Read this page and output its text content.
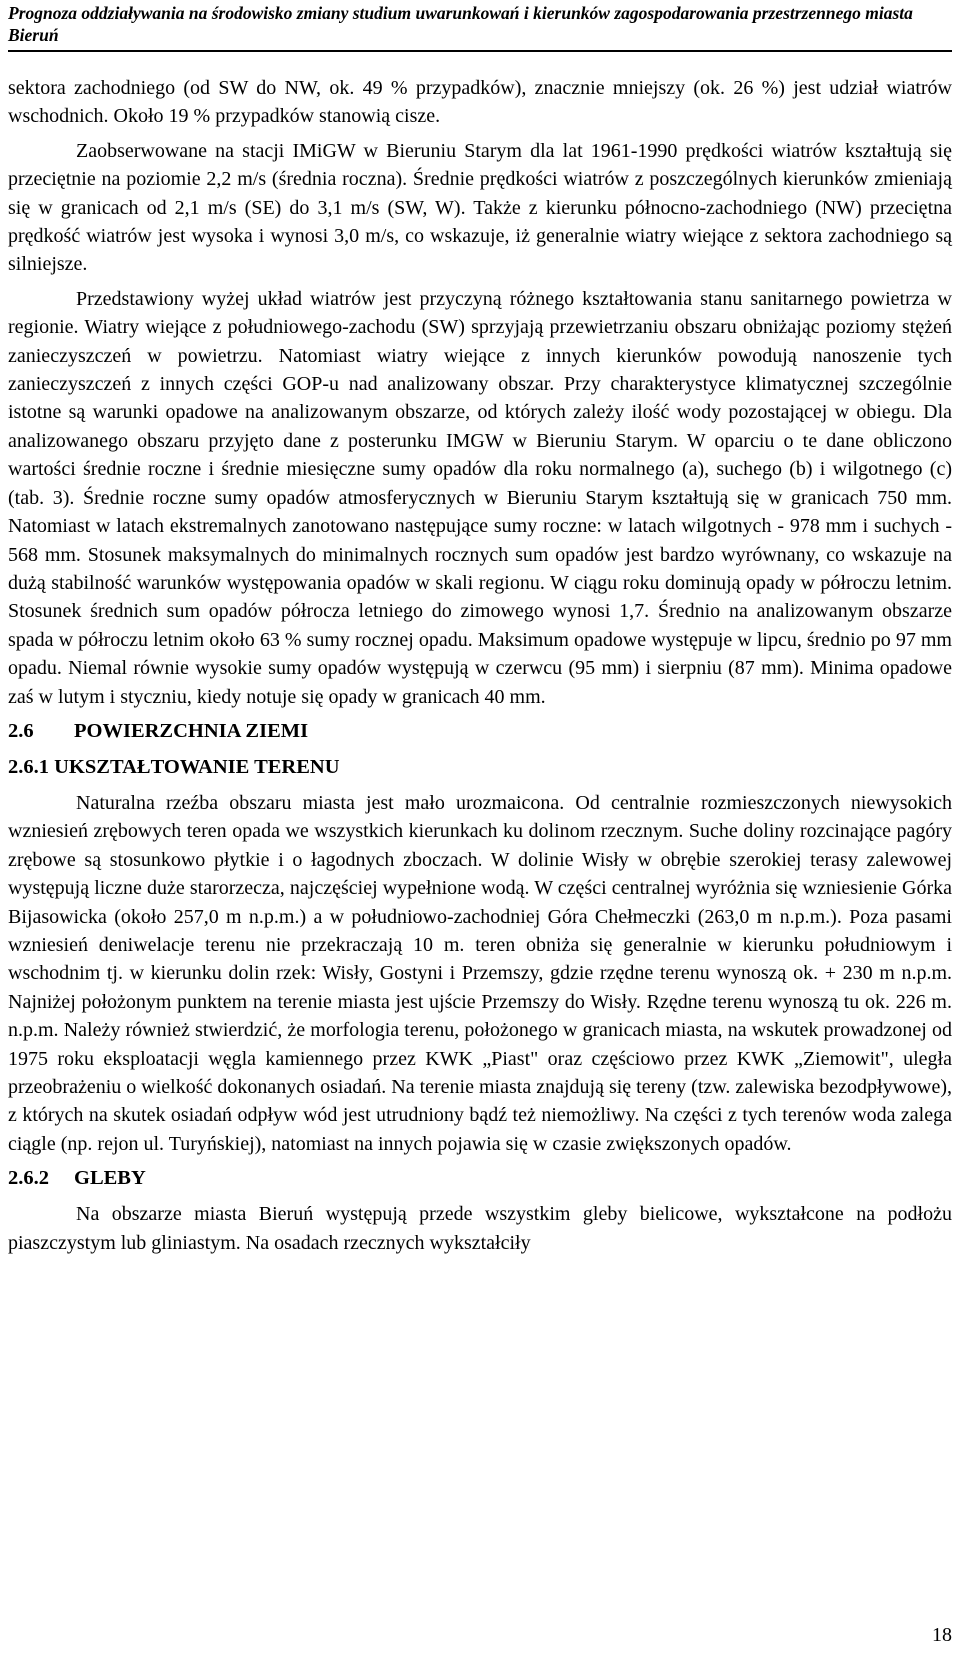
Prognoza oddziaływania na środowisko zmiany studium uwarunkowań i kierunków zagospodarowania przestrzennego miasta Bieruń

sektora zachodniego (od SW do NW, ok. 49 % przypadków), znacznie mniejszy (ok. 26 %) jest udział wiatrów wschodnich. Około 19 % przypadków stanowią cisze.

Zaobserwowane na stacji IMiGW w Bieruniu Starym dla lat 1961-1990 prędkości wiatrów kształtują się przeciętnie na poziomie 2,2 m/s (średnia roczna). Średnie prędkości wiatrów z poszczególnych kierunków zmieniają się w granicach od 2,1 m/s (SE) do 3,1 m/s (SW, W). Także z kierunku północno-zachodniego (NW) przeciętna prędkość wiatrów jest wysoka i wynosi 3,0 m/s, co wskazuje, iż generalnie wiatry wiejące z sektora zachodniego są silniejsze.

Przedstawiony wyżej układ wiatrów jest przyczyną różnego kształtowania stanu sanitarnego powietrza w regionie. Wiatry wiejące z południowego-zachodu (SW) sprzyjają przewietrzaniu obszaru obniżając poziomy stężeń zanieczyszczeń w powietrzu. Natomiast wiatry wiejące z innych kierunków powodują nanoszenie tych zanieczyszczeń z innych części GOP-u nad analizowany obszar. Przy charakterystyce klimatycznej szczególnie istotne są warunki opadowe na analizowanym obszarze, od których zależy ilość wody pozostającej w obiegu. Dla analizowanego obszaru przyjęto dane z posterunku IMGW w Bieruniu Starym. W oparciu o te dane obliczono wartości średnie roczne i średnie miesięczne sumy opadów dla roku normalnego (a), suchego (b) i wilgotnego (c) (tab. 3). Średnie roczne sumy opadów atmosferycznych w Bieruniu Starym kształtują się w granicach 750 mm. Natomiast w latach ekstremalnych zanotowano następujące sumy roczne: w latach wilgotnych - 978 mm i suchych - 568 mm. Stosunek maksymalnych do minimalnych rocznych sum opadów jest bardzo wyrównany, co wskazuje na dużą stabilność warunków występowania opadów w skali regionu. W ciągu roku dominują opady w półroczu letnim. Stosunek średnich sum opadów półrocza letniego do zimowego wynosi 1,7. Średnio na analizowanym obszarze spada w półroczu letnim około 63 % sumy rocznej opadu. Maksimum opadowe występuje w lipcu, średnio po 97 mm opadu. Niemal równie wysokie sumy opadów występują w czerwcu (95 mm) i sierpniu (87 mm). Minima opadowe zaś w lutym i styczniu, kiedy notuje się opady w granicach 40 mm.

2.6 POWIERZCHNIA ZIEMI
2.6.1 UKSZTAŁTOWANIE TERENU

Naturalna rzeźba obszaru miasta jest mało urozmaicona. Od centralnie rozmieszczonych niewysokich wzniesień zrębowych teren opada we wszystkich kierunkach ku dolinom rzecznym. Suche doliny rozcinające pagóry zrębowe są stosunkowo płytkie i o łagodnych zboczach. W dolinie Wisły w obrębie szerokiej terasy zalewowej występują liczne duże starorzecza, najczęściej wypełnione wodą. W części centralnej wyróżnia się wzniesienie Górka Bijasowicka (około 257,0 m n.p.m.) a w południowo-zachodniej Góra Chełmeczki (263,0 m n.p.m.). Poza pasami wzniesień deniwelacje terenu nie przekraczają 10 m. teren obniża się generalnie w kierunku południowym i wschodnim tj. w kierunku dolin rzek: Wisły, Gostyni i Przemszy, gdzie rzędne terenu wynoszą ok. + 230 m n.p.m. Najniżej położonym punktem na terenie miasta jest ujście Przemszy do Wisły. Rzędne terenu wynoszą tu ok. 226 m. n.p.m. Należy również stwierdzić, że morfologia terenu, położonego w granicach miasta, na wskutek prowadzonej od 1975 roku eksploatacji węgla kamiennego przez KWK „Piast" oraz częściowo przez KWK „Ziemowit", uległa przeobrażeniu o wielkość dokonanych osiadań. Na terenie miasta znajdują się tereny (tzw. zalewiska bezodpływowe), z których na skutek osiadań odpływ wód jest utrudniony bądź też niemożliwy. Na części z tych terenów woda zalega ciągle (np. rejon ul. Turyńskiej), natomiast na innych pojawia się w czasie zwiększonych opadów.

2.6.2 GLEBY

Na obszarze miasta Bieruń występują przede wszystkim gleby bielicowe, wykształcone na podłożu piaszczystym lub gliniastym. Na osadach rzecznych wykształciły

18
